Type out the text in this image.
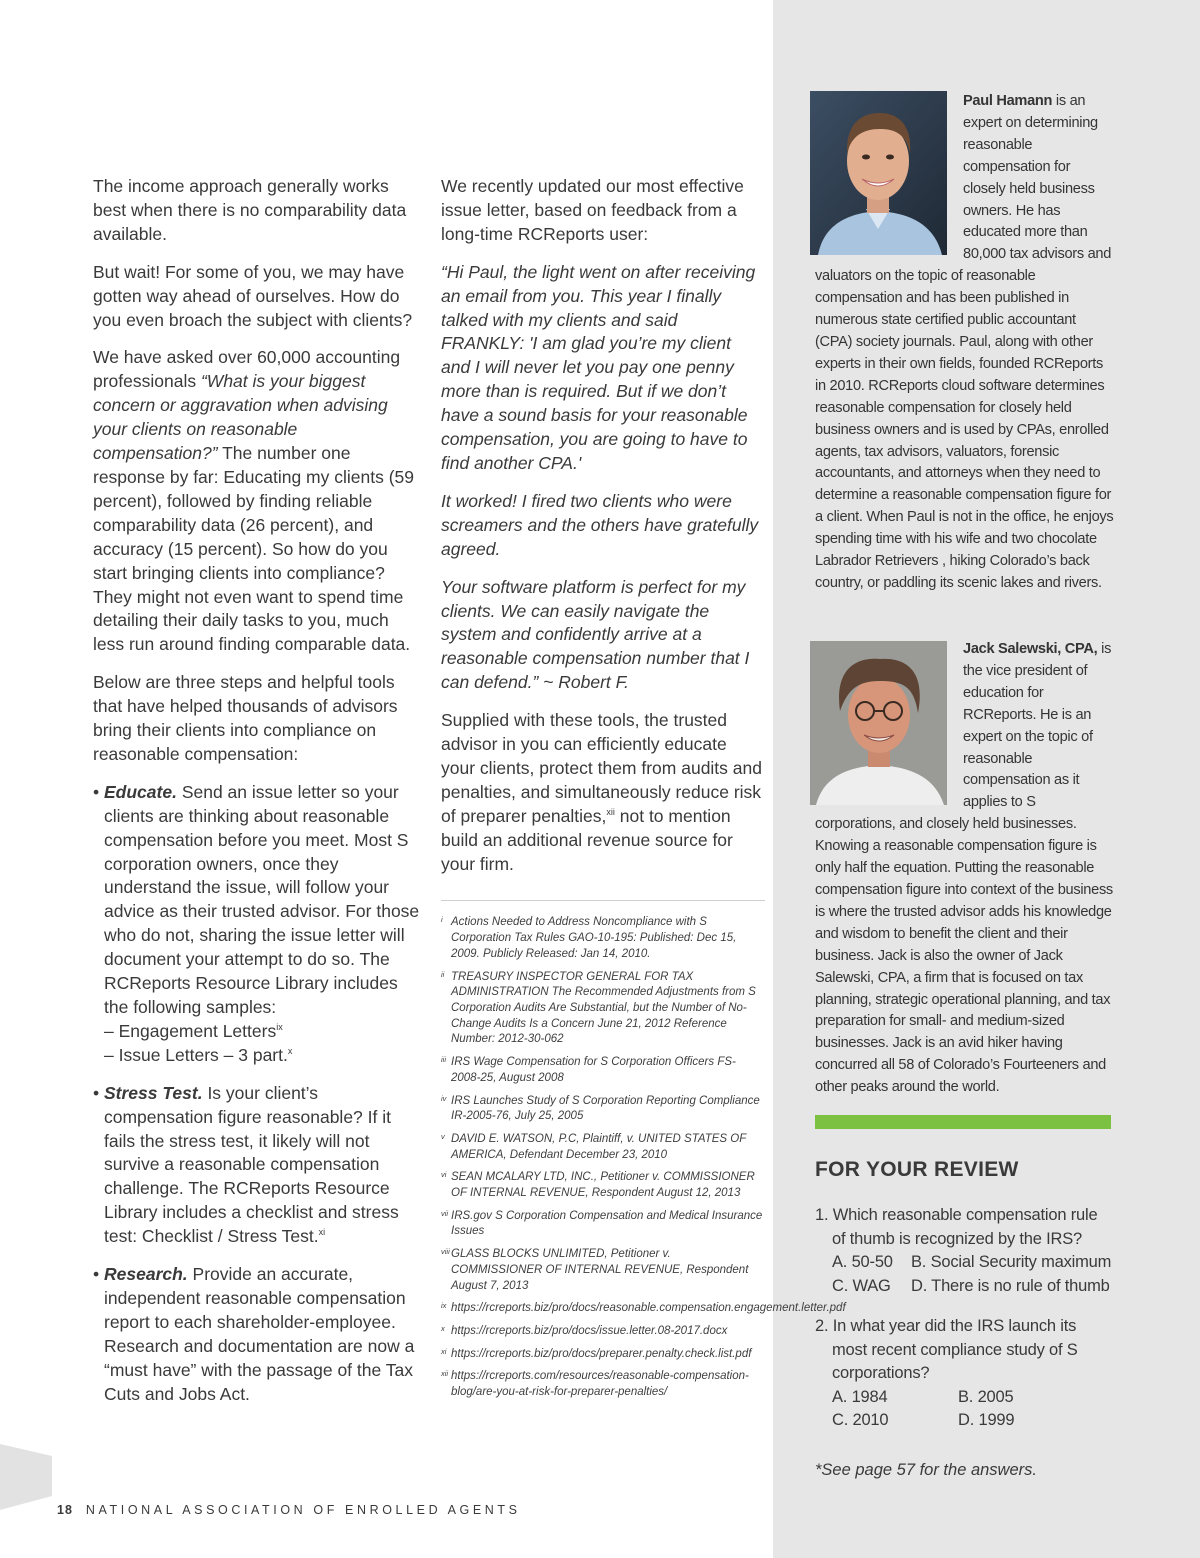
The income approach generally works best when there is no comparability data available.

But wait! For some of you, we may have gotten way ahead of ourselves. How do you even broach the subject with clients?

We have asked over 60,000 accounting professionals “What is your biggest concern or aggravation when advising your clients on reasonable compensation?” The number one response by far: Educating my clients (59 percent), followed by finding reliable comparability data (26 percent), and accuracy (15 percent). So how do you start bringing clients into compliance? They might not even want to spend time detailing their daily tasks to you, much less run around finding comparable data.

Below are three steps and helpful tools that have helped thousands of advisors bring their clients into compliance on reasonable compensation:

• Educate. Send an issue letter so your clients are thinking about reasonable compensation before you meet. Most S corporation owners, once they understand the issue, will follow your advice as their trusted advisor. For those who do not, sharing the issue letter will document your attempt to do so. The RCReports Resource Library includes the following samples:
– Engagement Letters$^{ix}$
– Issue Letters – 3 part.$^x$
• Stress Test. Is your client’s compensation figure reasonable? If it fails the stress test, it likely will not survive a reasonable compensation challenge. The RCReports Resource Library includes a checklist and stress test: Checklist / Stress Test.$^{xi}$
• Research. Provide an accurate, independent reasonable compensation report to each shareholder-employee. Research and documentation are now a “must have” with the passage of the Tax Cuts and Jobs Act.

We recently updated our most effective issue letter, based on feedback from a long-time RCReports user:

“Hi Paul, the light went on after receiving an email from you. This year I finally talked with my clients and said FRANKLY: 'I am glad you’re my client and I will never let you pay one penny more than is required. But if we don’t have a sound basis for your reasonable compensation, you are going to have to find another CPA.'

It worked! I fired two clients who were screamers and the others have gratefully agreed.

Your software platform is perfect for my clients. We can easily navigate the system and confidently arrive at a reasonable compensation number that I can defend.” ~ Robert F.

Supplied with these tools, the trusted advisor in you can efficiently educate your clients, protect them from audits and penalties, and simultaneously reduce risk of preparer penalties,$^{xii}$ not to mention build an additional revenue source for your firm.

i Actions Needed to Address Noncompliance with S Corporation Tax Rules GAO-10-195: Published: Dec 15, 2009. Publicly Released: Jan 14, 2010.
ii TREASURY INSPECTOR GENERAL FOR TAX ADMINISTRATION The Recommended Adjustments from S Corporation Audits Are Substantial, but the Number of No-Change Audits Is a Concern June 21, 2012 Reference Number: 2012-30-062
iii IRS Wage Compensation for S Corporation Officers FS-2008-25, August 2008
iv IRS Launches Study of S Corporation Reporting Compliance IR-2005-76, July 25, 2005
v DAVID E. WATSON, P.C, Plaintiff, v. UNITED STATES OF AMERICA, Defendant December 23, 2010
vi SEAN MCALARY LTD, INC., Petitioner v. COMMISSIONER OF INTERNAL REVENUE, Respondent August 12, 2013
vii IRS.gov S Corporation Compensation and Medical Insurance Issues
viii GLASS BLOCKS UNLIMITED, Petitioner v. COMMISSIONER OF INTERNAL REVENUE, Respondent August 7, 2013
ix https://rcreports.biz/pro/docs/reasonable.compensation.engagement.letter.pdf
x https://rcreports.biz/pro/docs/issue.letter.08-2017.docx
xi https://rcreports.biz/pro/docs/preparer.penalty.check.list.pdf
xii https://rcreports.com/resources/reasonable-compensation-blog/are-you-at-risk-for-preparer-penalties/
Paul Hamann is an expert on determining reasonable compensation for closely held business owners. He has educated more than 80,000 tax advisors and valuators on the topic of reasonable compensation and has been published in numerous state certified public accountant (CPA) society journals. Paul, along with other experts in their own fields, founded RCReports in 2010. RCReports cloud software determines reasonable compensation for closely held business owners and is used by CPAs, enrolled agents, tax advisors, valuators, forensic accountants, and attorneys when they need to determine a reasonable compensation figure for a client. When Paul is not in the office, he enjoys spending time with his wife and two chocolate Labrador Retrievers , hiking Colorado’s back country, or paddling its scenic lakes and rivers.
Jack Salewski, CPA, is the vice president of education for RCReports. He is an expert on the topic of reasonable compensation as it applies to S corporations, and closely held businesses. Knowing a reasonable compensation figure is only half the equation. Putting the reasonable compensation figure into context of the business is where the trusted advisor adds his knowledge and wisdom to benefit the client and their business. Jack is also the owner of Jack Salewski, CPA, a firm that is focused on tax planning, strategic operational planning, and tax preparation for small- and medium-sized businesses. Jack is an avid hiker having concurred all 58 of Colorado’s Fourteeners and other peaks around the world.
FOR YOUR REVIEW
1. Which reasonable compensation rule of thumb is recognized by the IRS?
A. 50-50	B. Social Security maximum
C. WAG	D. There is no rule of thumb
2. In what year did the IRS launch its most recent compliance study of S corporations?
A. 1984	B. 2005
C. 2010	D. 1999
*See page 57 for the answers.
18 NATIONAL ASSOCIATION OF ENROLLED AGENTS
